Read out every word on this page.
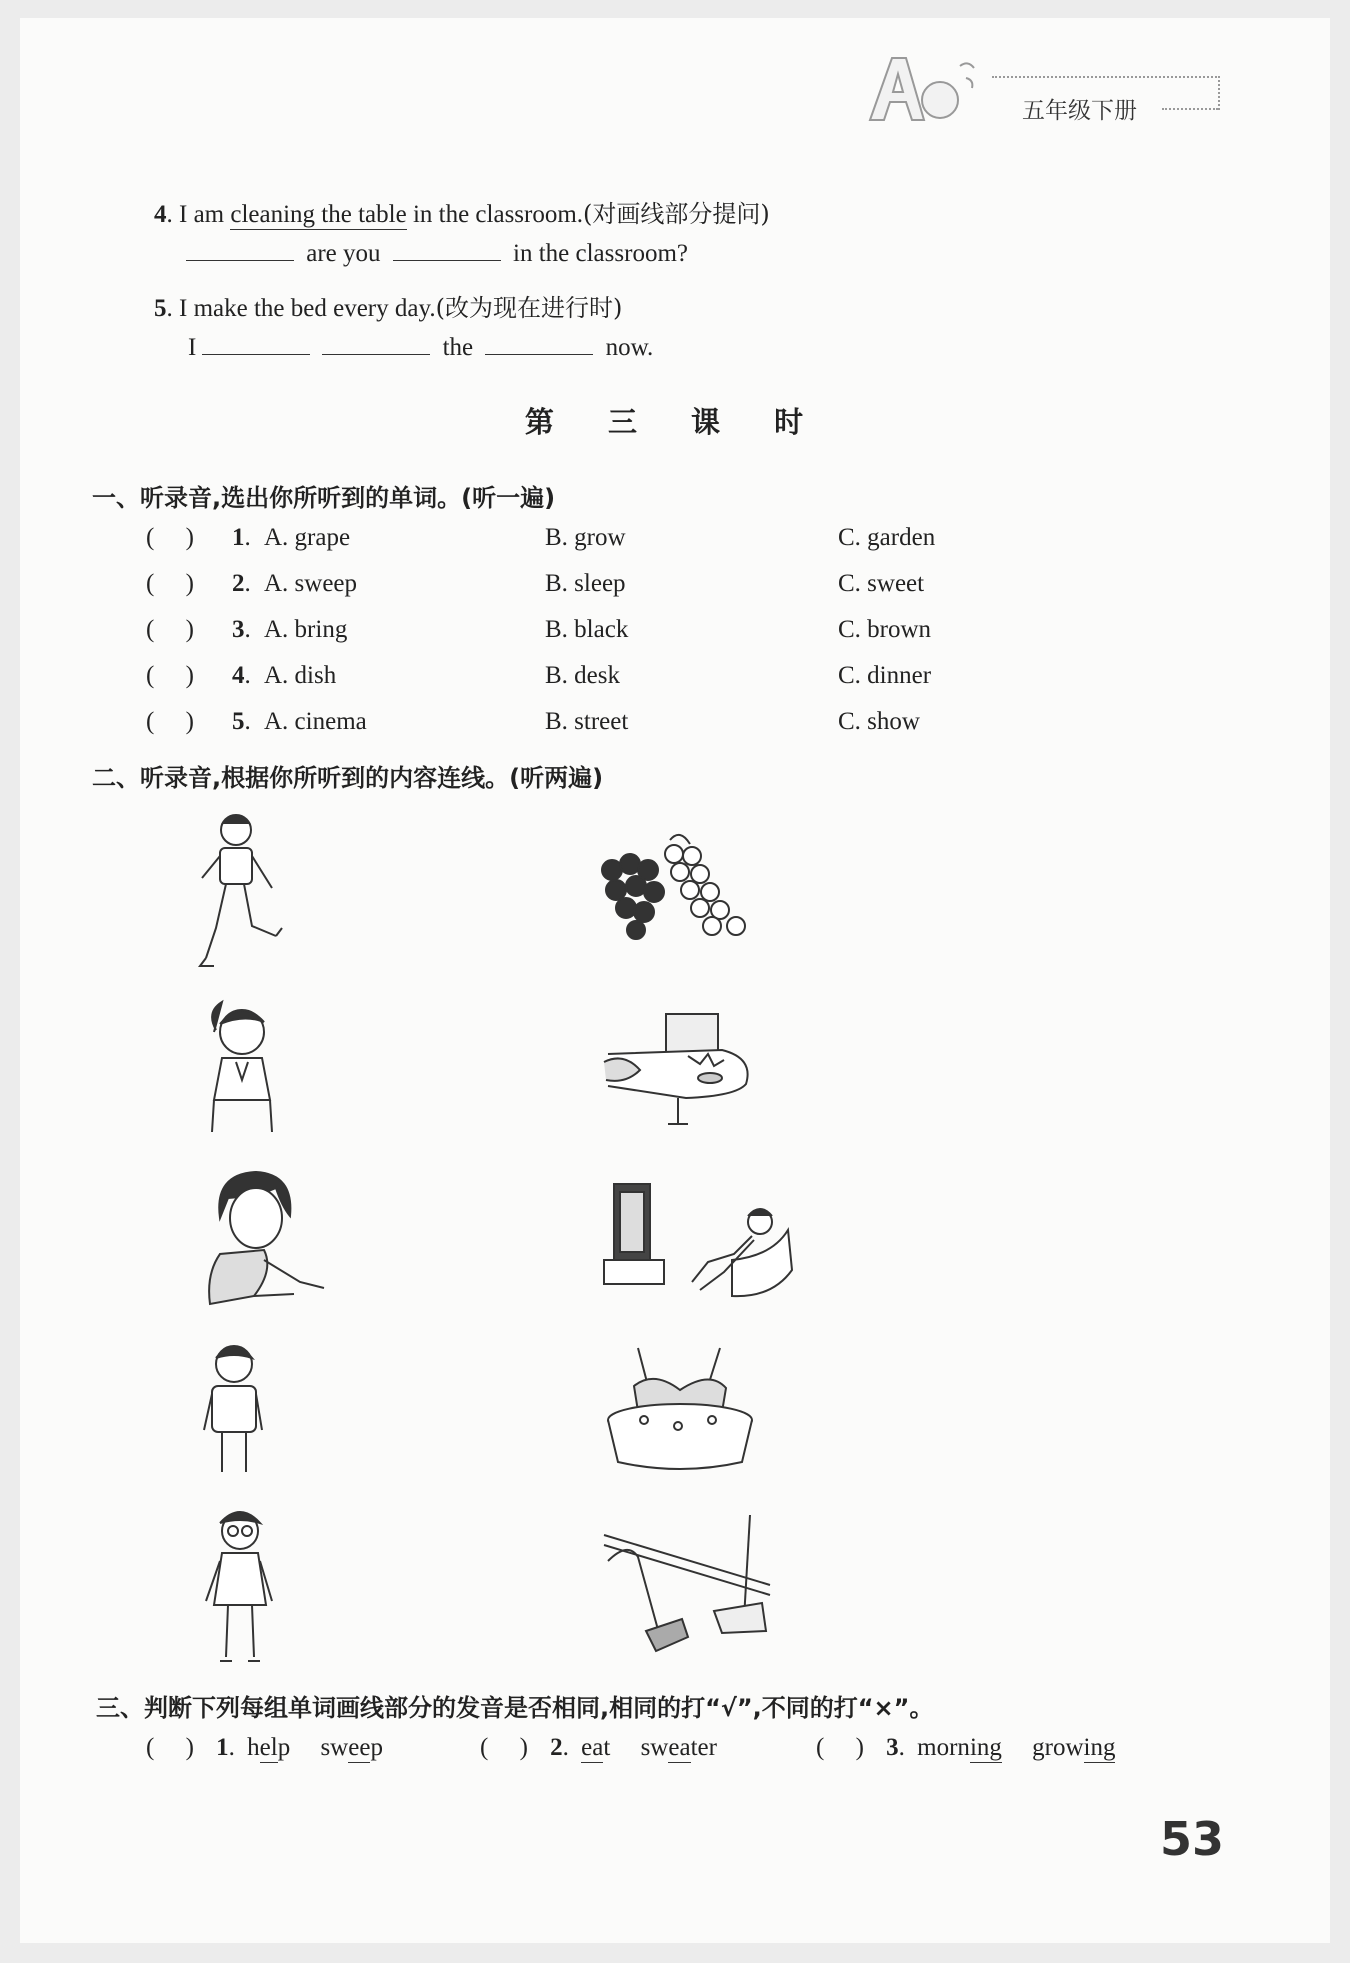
五年级下册
4. I am cleaning the table in the classroom.(对画线部分提问)
are you	in the classroom?
5. I make the bed every day.(改为现在进行时)
I	the	now.
第 三 课 时
一、听录音,选出你所听到的单词。(听一遍)
(     ) 1. A. grape	B. grow	C. garden
(     ) 2. A. sweep	B. sleep	C. sweet
(     ) 3. A. bring	B. black	C. brown
(     ) 4. A. dish	B. desk	C. dinner
(     ) 5. A. cinema	B. street	C. show
二、听录音,根据你所听到的内容连线。(听两遍)
三、判断下列每组单词画线部分的发音是否相同,相同的打“√”,不同的打“×”。
(     ) 1. help sweep	(     ) 2. eat sweater	(     ) 3. morning growing
53
